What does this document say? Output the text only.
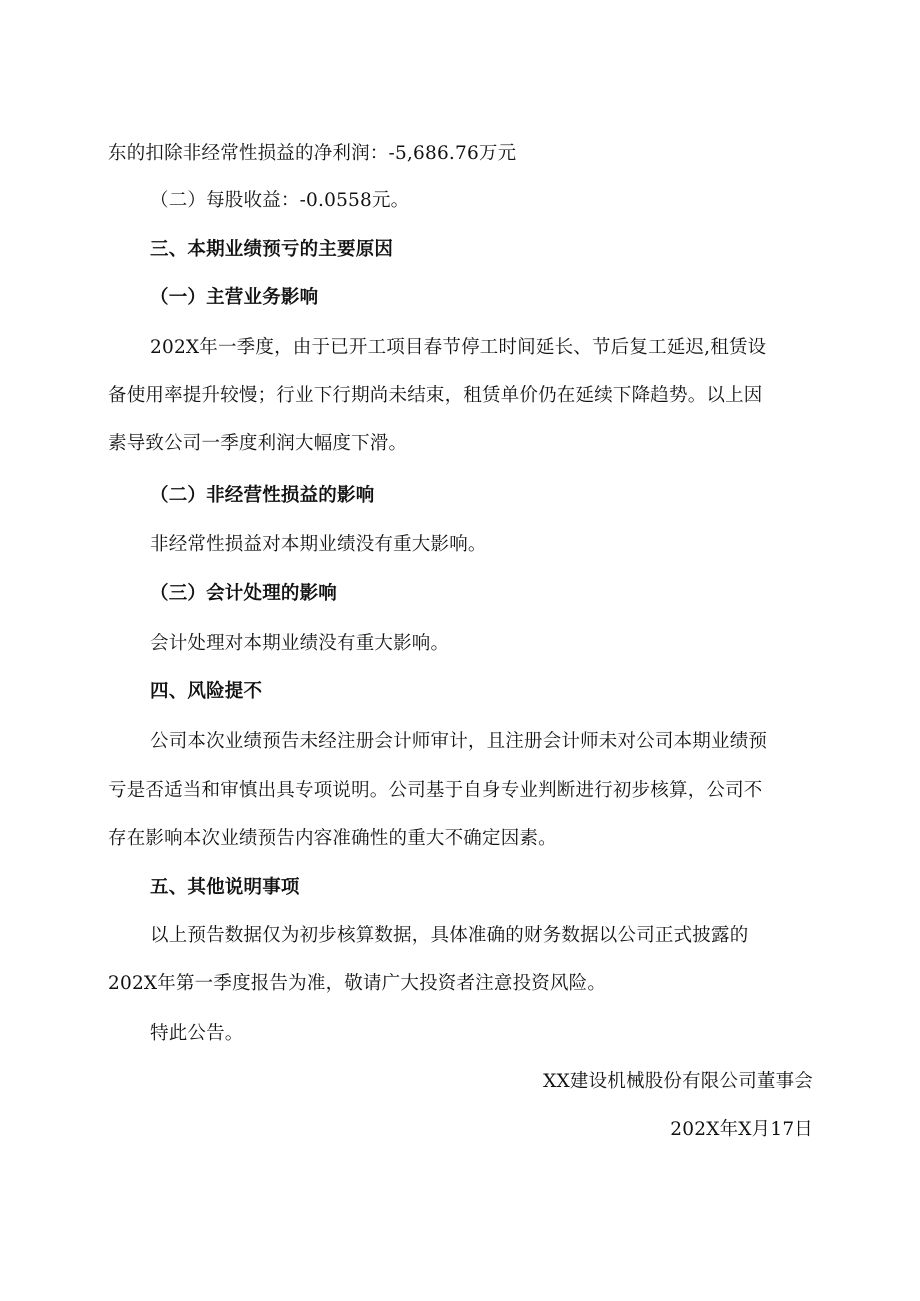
东的扣除非经常性损益的净利润：-5,686.76万元
（二）每股收益：-0.0558元。
三、本期业绩预亏的主要原因
（一）主营业务影响
202X年一季度，由于已开工项目春节停工时间延长、节后复工延迟,租赁设
备使用率提升较慢；行业下行期尚未结束，租赁单价仍在延续下降趋势。以上因
素导致公司一季度利润大幅度下滑。
（二）非经营性损益的影响
非经常性损益对本期业绩没有重大影响。
（三）会计处理的影响
会计处理对本期业绩没有重大影响。
四、风险提不
公司本次业绩预告未经注册会计师审计，且注册会计师未对公司本期业绩预
亏是否适当和审慎出具专项说明。公司基于自身专业判断进行初步核算，公司不
存在影响本次业绩预告内容准确性的重大不确定因素。
五、其他说明事项
以上预告数据仅为初步核算数据，具体准确的财务数据以公司正式披露的
202X年第一季度报告为准，敬请广大投资者注意投资风险。
特此公告。
XX建设机械股份有限公司董事会
202X年X月17日
